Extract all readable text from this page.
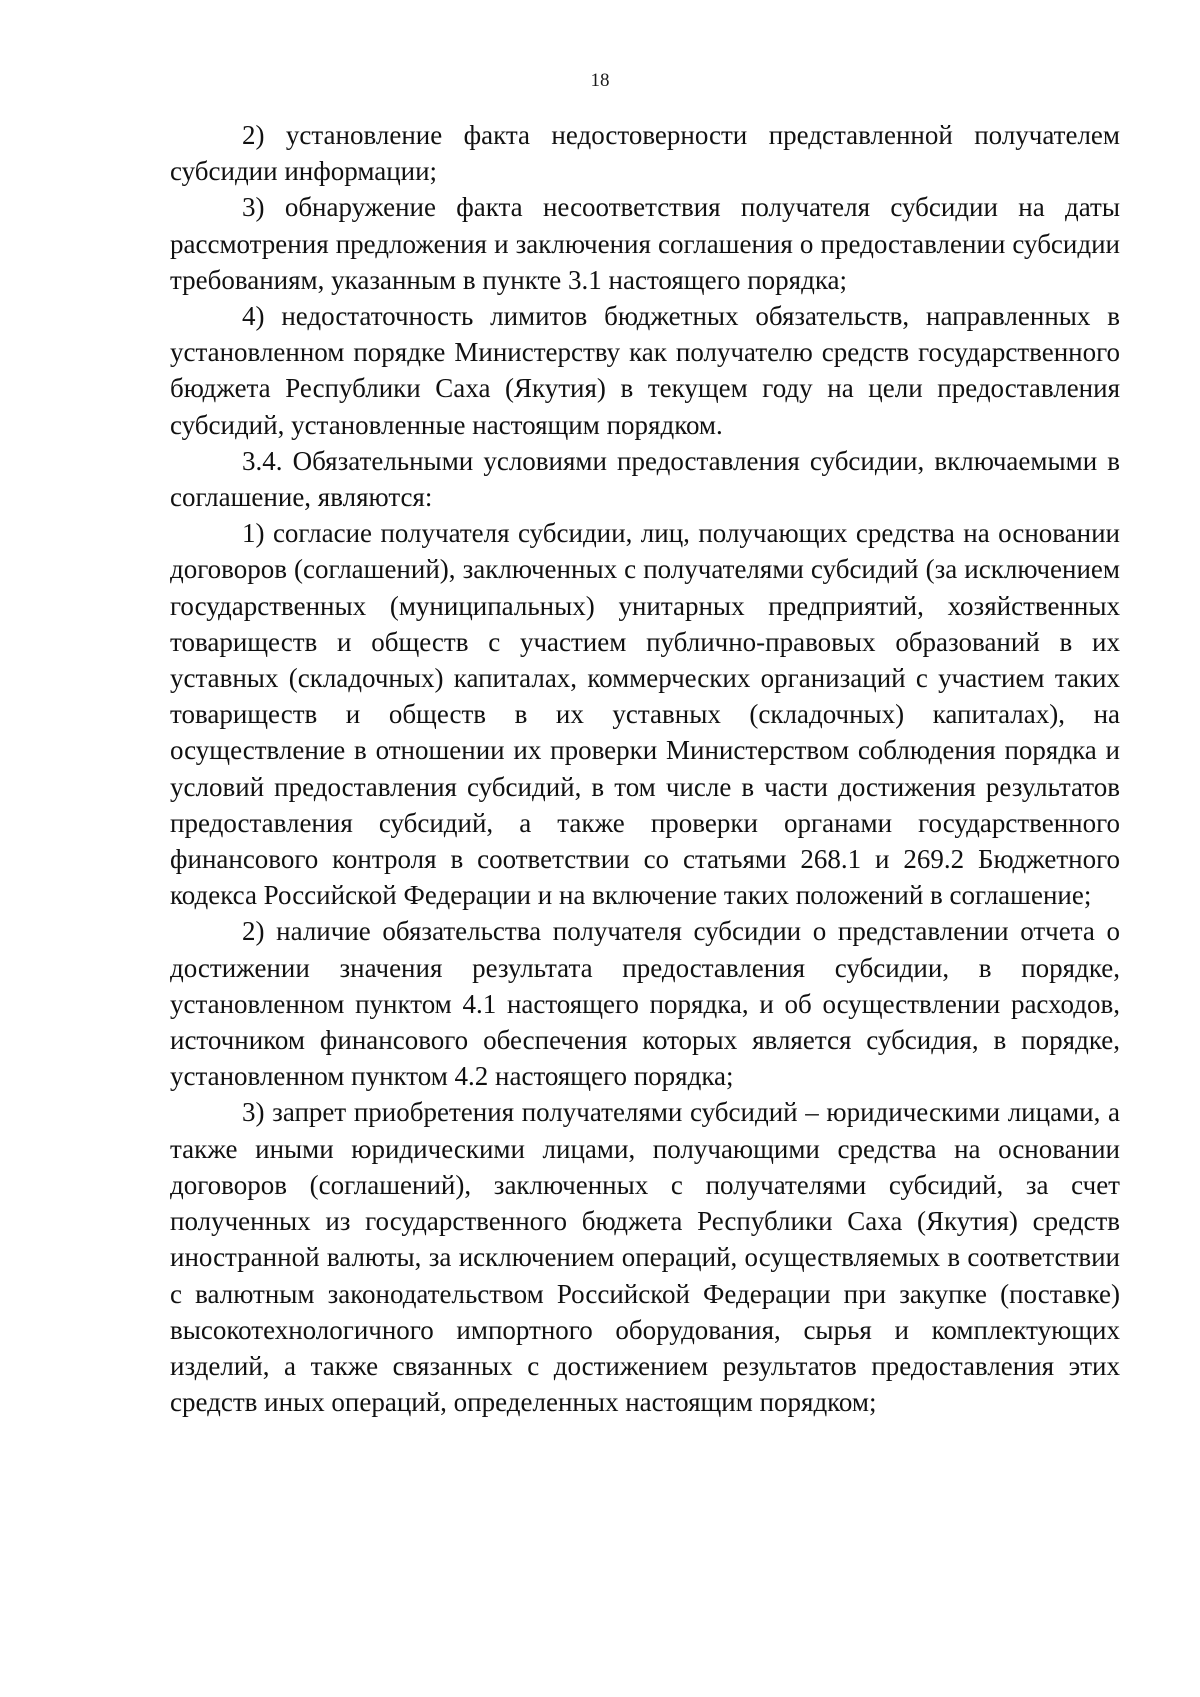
18

2) установление факта недостоверности представленной получателем субсидии информации;

3) обнаружение факта несоответствия получателя субсидии на даты рассмотрения предложения и заключения соглашения о предоставлении субсидии требованиям, указанным в пункте 3.1 настоящего порядка;

4) недостаточность лимитов бюджетных обязательств, направленных в установленном порядке Министерству как получателю средств государственного бюджета Республики Саха (Якутия) в текущем году на цели предоставления субсидий, установленные настоящим порядком.

3.4. Обязательными условиями предоставления субсидии, включаемыми в соглашение, являются:

1) согласие получателя субсидии, лиц, получающих средства на основании договоров (соглашений), заключенных с получателями субсидий (за исключением государственных (муниципальных) унитарных предприятий, хозяйственных товариществ и обществ с участием публично-правовых образований в их уставных (складочных) капиталах, коммерческих организаций с участием таких товариществ и обществ в их уставных (складочных) капиталах), на осуществление в отношении их проверки Министерством соблюдения порядка и условий предоставления субсидий, в том числе в части достижения результатов предоставления субсидий, а также проверки органами государственного финансового контроля в соответствии со статьями 268.1 и 269.2 Бюджетного кодекса Российской Федерации и на включение таких положений в соглашение;

2) наличие обязательства получателя субсидии о представлении отчета о достижении значения результата предоставления субсидии, в порядке, установленном пунктом 4.1 настоящего порядка, и об осуществлении расходов, источником финансового обеспечения которых является субсидия, в порядке, установленном пунктом 4.2 настоящего порядка;

3) запрет приобретения получателями субсидий – юридическими лицами, а также иными юридическими лицами, получающими средства на основании договоров (соглашений), заключенных с получателями субсидий, за счет полученных из государственного бюджета Республики Саха (Якутия) средств иностранной валюты, за исключением операций, осуществляемых в соответствии с валютным законодательством Российской Федерации при закупке (поставке) высокотехнологичного импортного оборудования, сырья и комплектующих изделий, а также связанных с достижением результатов предоставления этих средств иных операций, определенных настоящим порядком;
